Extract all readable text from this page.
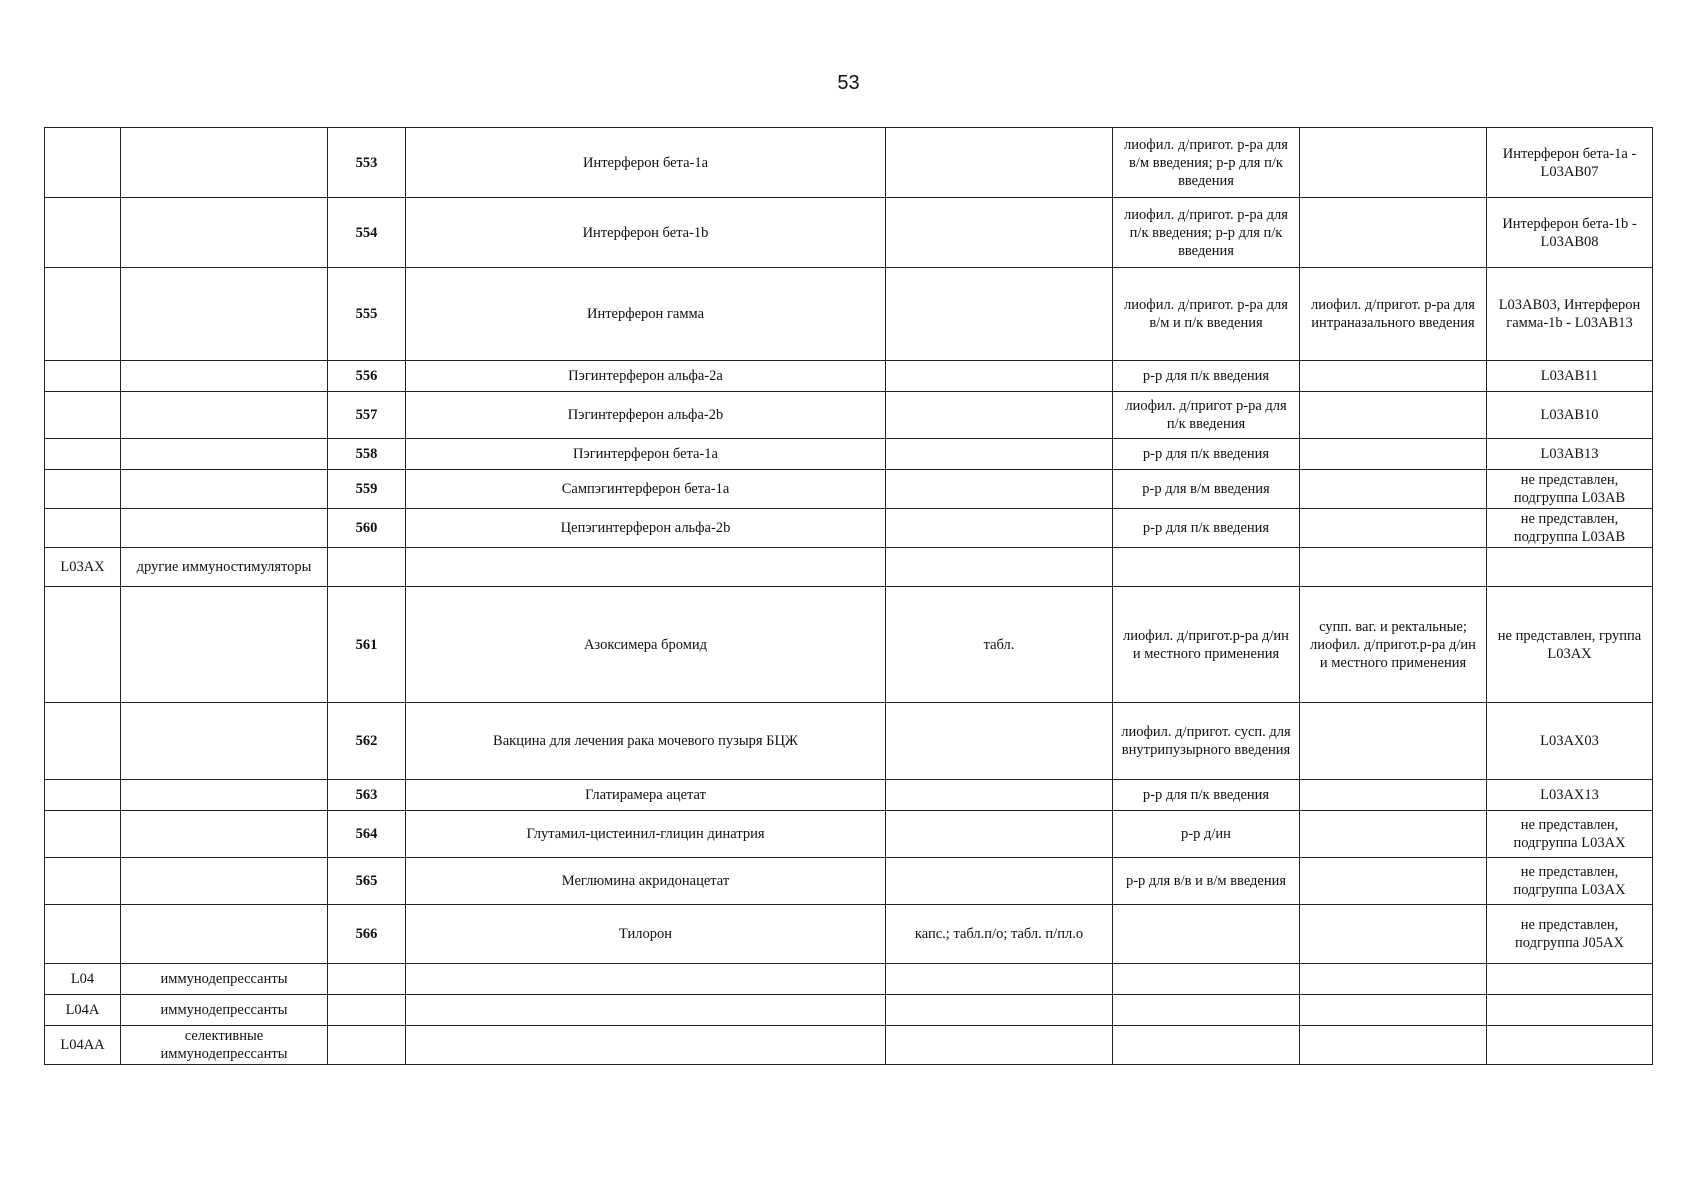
53
		553	Интерферон бета-1a		лиофил. д/пригот. р-ра для в/м введения; р-р для п/к введения		Интерферон бета-1a - L03AB07
		554	Интерферон бета-1b		лиофил. д/пригот. р-ра для п/к введения; р-р для п/к введения		Интерферон бета-1b - L03AB08
		555	Интерферон гамма		лиофил. д/пригот. р-ра для в/м и п/к введения	лиофил. д/пригот. р-ра для интраназального введения	L03AB03, Интерферон гамма-1b - L03AB13
		556	Пэгинтерферон альфа-2a		р-р для п/к введения		L03AB11
		557	Пэгинтерферон альфа-2b		лиофил. д/пригот р-ра для п/к введения		L03AB10
		558	Пэгинтерферон бета-1a		р-р для п/к введения		L03AB13
		559	Сампэгинтерферон бета-1a		р-р для в/м введения		не представлен, подгруппа L03AB
		560	Цепэгинтерферон альфа-2b		р-р для п/к введения		не представлен, подгруппа L03AB
L03AX	другие иммуностимуляторы						
		561	Азоксимера бромид	табл.	лиофил. д/пригот.р-ра д/ин и местного применения	супп. ваг. и ректальные; лиофил. д/пригот.р-ра д/ин и местного применения	не представлен, группа L03AX
		562	Вакцина для лечения рака мочевого пузыря БЦЖ		лиофил. д/пригот. сусп. для внутрипузырного введения		L03AX03
		563	Глатирамера ацетат		р-р для п/к введения		L03AX13
		564	Глутамил-цистеинил-глицин динатрия		р-р д/ин		не представлен, подгруппа L03AX
		565	Меглюмина акридонацетат		р-р для в/в и в/м введения		не представлен, подгруппа L03AX
		566	Тилорон	капс.; табл.п/о; табл. п/пл.о			не представлен, подгруппа J05AX
L04	иммунодепрессанты						
L04A	иммунодепрессанты						
L04AA	селективные иммунодепрессанты						
